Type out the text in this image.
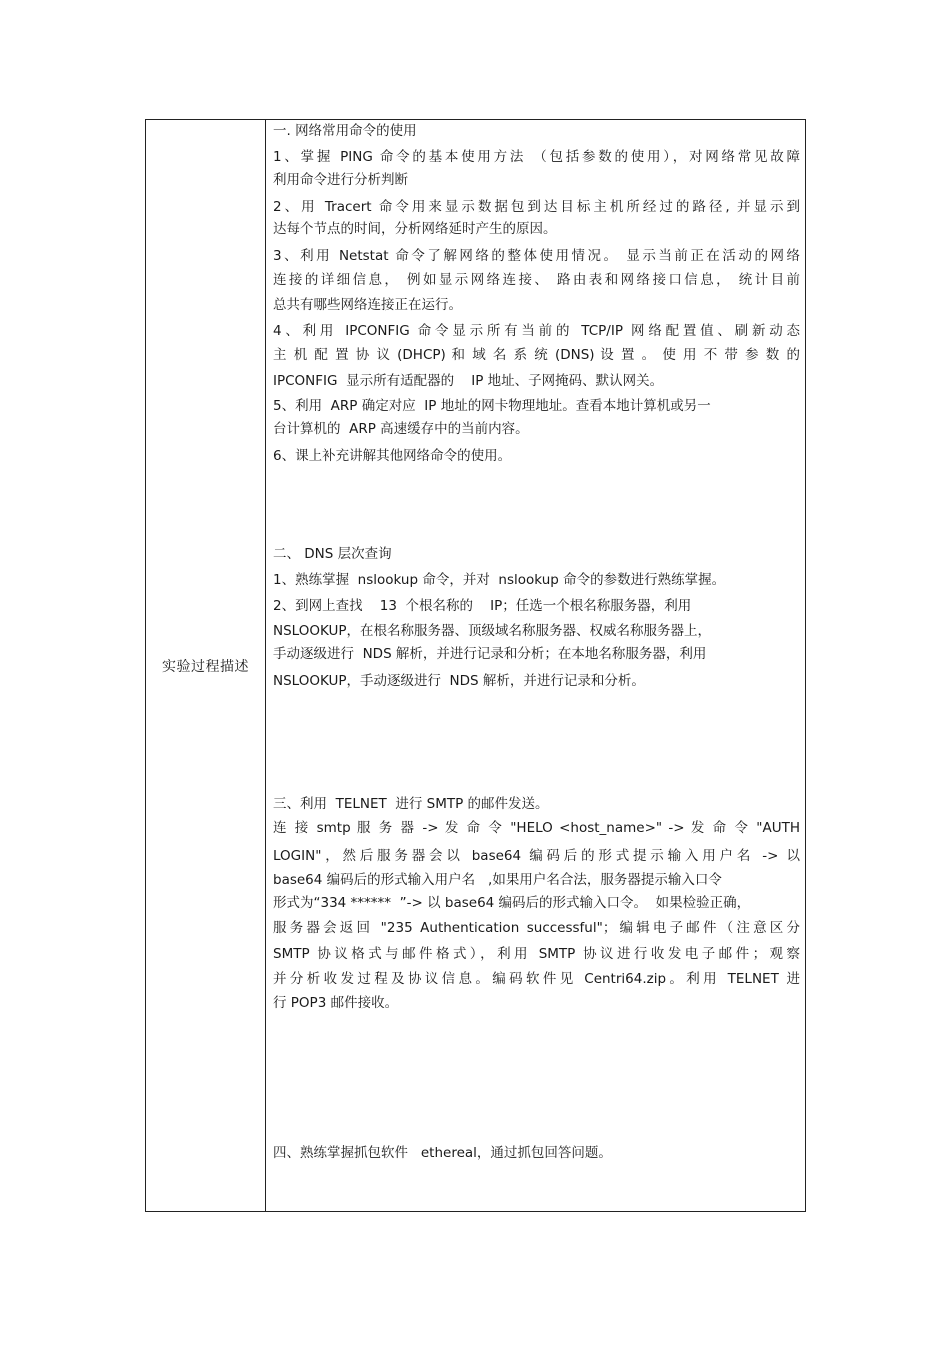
实验过程描述
一. 网络常用命令的使用
1、掌握 PING 命令的基本使用方法 （包括参数的使用），对网络常见故障
利用命令进行分析判断
2、用 Tracert 命令用来显示数据包到达目标主机所经过的路径, 并显示到
达每个节点的时间，分析网络延时产生的原因。
3、利用 Netstat 命令了解网络的整体使用情况。 显示当前正在活动的网络
连接的详细信息， 例如显示网络连接、 路由表和网络接口信息， 统计目前
总共有哪些网络连接正在运行。
4、利用 IPCONFIG 命令显示所有当前的 TCP/IP 网络配置值、刷新动态
主 机 配 置 协 议 (DHCP) 和 域 名 系 统 (DNS) 设 置 。 使 用 不 带 参 数 的
IPCONFIG  显示所有适配器的    IP 地址、子网掩码、默认网关。
5、利用  ARP 确定对应  IP 地址的网卡物理地址。查看本地计算机或另一
台计算机的  ARP 高速缓存中的当前内容。
6、课上补充讲解其他网络命令的使用。
二、 DNS 层次查询
1、熟练掌握  nslookup 命令，并对  nslookup 命令的参数进行熟练掌握。
2、到网上查找    13  个根名称的    IP；任选一个根名称服务器，利用
NSLOOKUP，在根名称服务器、顶级域名称服务器、权威名称服务器上，
手动逐级进行  NDS 解析，并进行记录和分析；在本地名称服务器，利用
NSLOOKUP，手动逐级进行  NDS 解析，并进行记录和分析。
三、利用  TELNET  进行 SMTP 的邮件发送。
连 接 smtp 服 务 器 -> 发 命 令 "HELO <host_name>" -> 发 命 令 "AUTH
LOGIN"，然后服务器会以 base64 编码后的形式提示输入用户名 -> 以
base64 编码后的形式输入用户名   ,如果用户名合法，服务器提示输入口令
形式为“334 ******  ”-> 以 base64 编码后的形式输入口令。  如果检验正确，
服务器会返回 "235 Authentication successful"；编辑电子邮件（注意区分
SMTP 协议格式与邮件格式），利用 SMTP 协议进行收发电子邮件；观察
并分析收发过程及协议信息。编码软件见 Centri64.zip。利用 TELNET 进
行 POP3 邮件接收。
四、熟练掌握抓包软件   ethereal，通过抓包回答问题。
